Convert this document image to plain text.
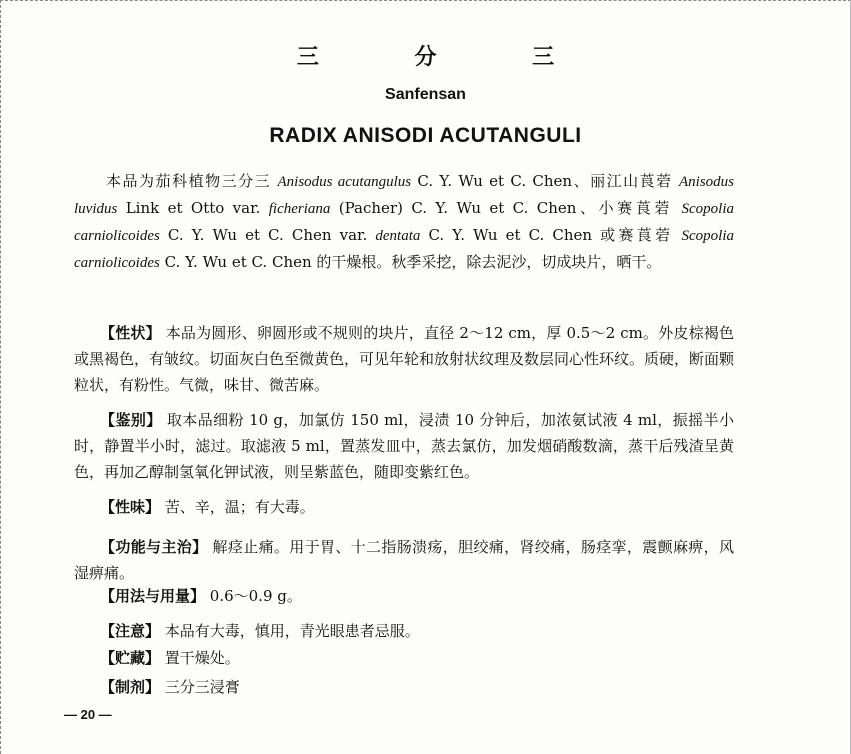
三 分 三
Sanfensan
RADIX ANISODI ACUTANGULI
本品为茄科植物三分三 Anisodus acutangulus C. Y. Wu et C. Chen、丽江山莨菪 Anisodus luvidus Link et Otto var. ficheriana (Pacher) C. Y. Wu et C. Chen、小赛莨菪 Scopolia carniolicoides C. Y. Wu et C. Chen var. dentata C. Y. Wu et C. Chen 或赛莨菪 Scopolia carniolicoides C. Y. Wu et C. Chen 的干燥根。秋季采挖，除去泥沙，切成块片，晒干。
【性状】 本品为圆形、卵圆形或不规则的块片，直径 2～12 cm，厚 0.5～2 cm。外皮棕褐色或黑褐色，有皱纹。切面灰白色至微黄色，可见年轮和放射状纹理及数层同心性环纹。质硬，断面颗粒状，有粉性。气微，味甘、微苦麻。
【鉴别】 取本品细粉 10 g，加氯仿 150 ml，浸渍 10 分钟后，加浓氨试液 4 ml，振摇半小时，静置半小时，滤过。取滤液 5 ml，置蒸发皿中，蒸去氯仿，加发烟硝酸数滴，蒸干后残渣呈黄色，再加乙醇制氢氧化钾试液，则呈紫蓝色，随即变紫红色。
【性味】 苦、辛，温；有大毒。
【功能与主治】 解痉止痛。用于胃、十二指肠溃疡，胆绞痛，肾绞痛，肠痉挛，震颤麻痹，风湿痹痛。
【用法与用量】 0.6～0.9 g。
【注意】 本品有大毒，慎用，青光眼患者忌服。
【贮藏】 置干燥处。
【制剂】 三分三浸膏
— 20 —
